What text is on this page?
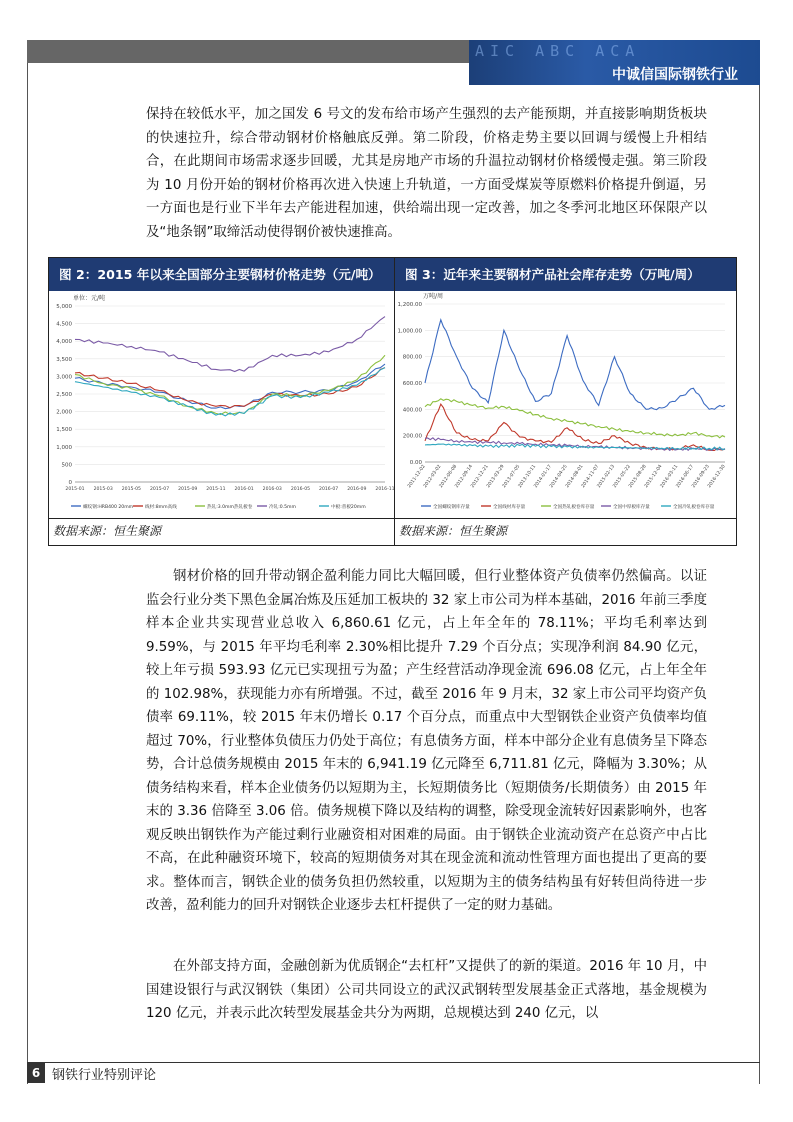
AIC ABC ACA
中诚信国际钢铁行业
保持在较低水平，加之国发 6 号文的发布给市场产生强烈的去产能预期，并直接影响期货板块的快速拉升，综合带动钢材价格触底反弹。第二阶段，价格走势主要以回调与缓慢上升相结合，在此期间市场需求逐步回暖，尤其是房地产市场的升温拉动钢材价格缓慢走强。第三阶段为 10 月份开始的钢材价格再次进入快速上升轨道，一方面受煤炭等原燃料价格提升倒逼，另一方面也是行业下半年去产能进程加速，供给端出现一定改善，加之冬季河北地区环保限产以及“地条钢”取缔活动使得钢价被快速推高。
图 2：2015 年以来全国部分主要钢材价格走势（元/吨）	图 3：近年来主要钢材产品社会库存走势（万吨/周）
单位：元/吨
0
500
1,000
1,500
2,000
2,500
3,000
3,500
4,000
4,500
5,000
2015-01 2015-03 2015-05 2015-07 2015-09 2015-11 2016-01 2016-03 2016-05 2016-07 2016-09 2016-11
螺纹钢:HRB400 20mm	线材:8mm高线	热轧:3.0mm热轧板卷	冷轧:0.5mm	中板:普板20mm
万吨/周
0.00
200.00
400.00
600.00
800.00
1,000.00
1,200.00
2011-12-02
2012-03-02
2012-06-08
2012-09-14
2012-12-21
2013-03-29
2013-07-05
2013-10-11
2014-01-17
2014-04-25
2014-08-01
2014-11-07
2015-02-13
2015-05-22
2015-08-28
2015-12-04
2016-03-11
2016-06-17
2016-09-23
2016-12-30
全国螺纹钢库存量	全国线材库存量	全国热轧板卷库存量	全国中厚板库存量	全国冷轧板卷库存量
数据来源：恒生聚源	数据来源：恒生聚源
钢材价格的回升带动钢企盈利能力同比大幅回暖，但行业整体资产负债率仍然偏高。以证监会行业分类下黑色金属冶炼及压延加工板块的 32 家上市公司为样本基础，2016 年前三季度样本企业共实现营业总收入 6,860.61 亿元，占上年全年的 78.11%；平均毛利率达到 9.59%，与 2015 年平均毛利率 2.30%相比提升 7.29 个百分点；实现净利润 84.90 亿元，较上年亏损 593.93 亿元已实现扭亏为盈；产生经营活动净现金流 696.08 亿元，占上年全年的 102.98%，获现能力亦有所增强。不过，截至 2016 年 9 月末，32 家上市公司平均资产负债率 69.11%，较 2015 年末仍增长 0.17 个百分点，而重点中大型钢铁企业资产负债率均值超过 70%，行业整体负债压力仍处于高位；有息债务方面，样本中部分企业有息债务呈下降态势，合计总债务规模由 2015 年末的 6,941.19 亿元降至 6,711.81 亿元，降幅为 3.30%；从债务结构来看，样本企业债务仍以短期为主，长短期债务比（短期债务/长期债务）由 2015 年末的 3.36 倍降至 3.06 倍。债务规模下降以及结构的调整，除受现金流转好因素影响外，也客观反映出钢铁作为产能过剩行业融资相对困难的局面。由于钢铁企业流动资产在总资产中占比不高，在此种融资环境下，较高的短期债务对其在现金流和流动性管理方面也提出了更高的要求。整体而言，钢铁企业的债务负担仍然较重，以短期为主的债务结构虽有好转但尚待进一步改善，盈利能力的回升对钢铁企业逐步去杠杆提供了一定的财力基础。
在外部支持方面，金融创新为优质钢企“去杠杆”又提供了的新的渠道。2016 年 10 月，中国建设银行与武汉钢铁（集团）公司共同设立的武汉武钢转型发展基金正式落地，基金规模为 120 亿元，并表示此次转型发展基金共分为两期，总规模达到 240 亿元，以
6 钢铁行业特别评论
